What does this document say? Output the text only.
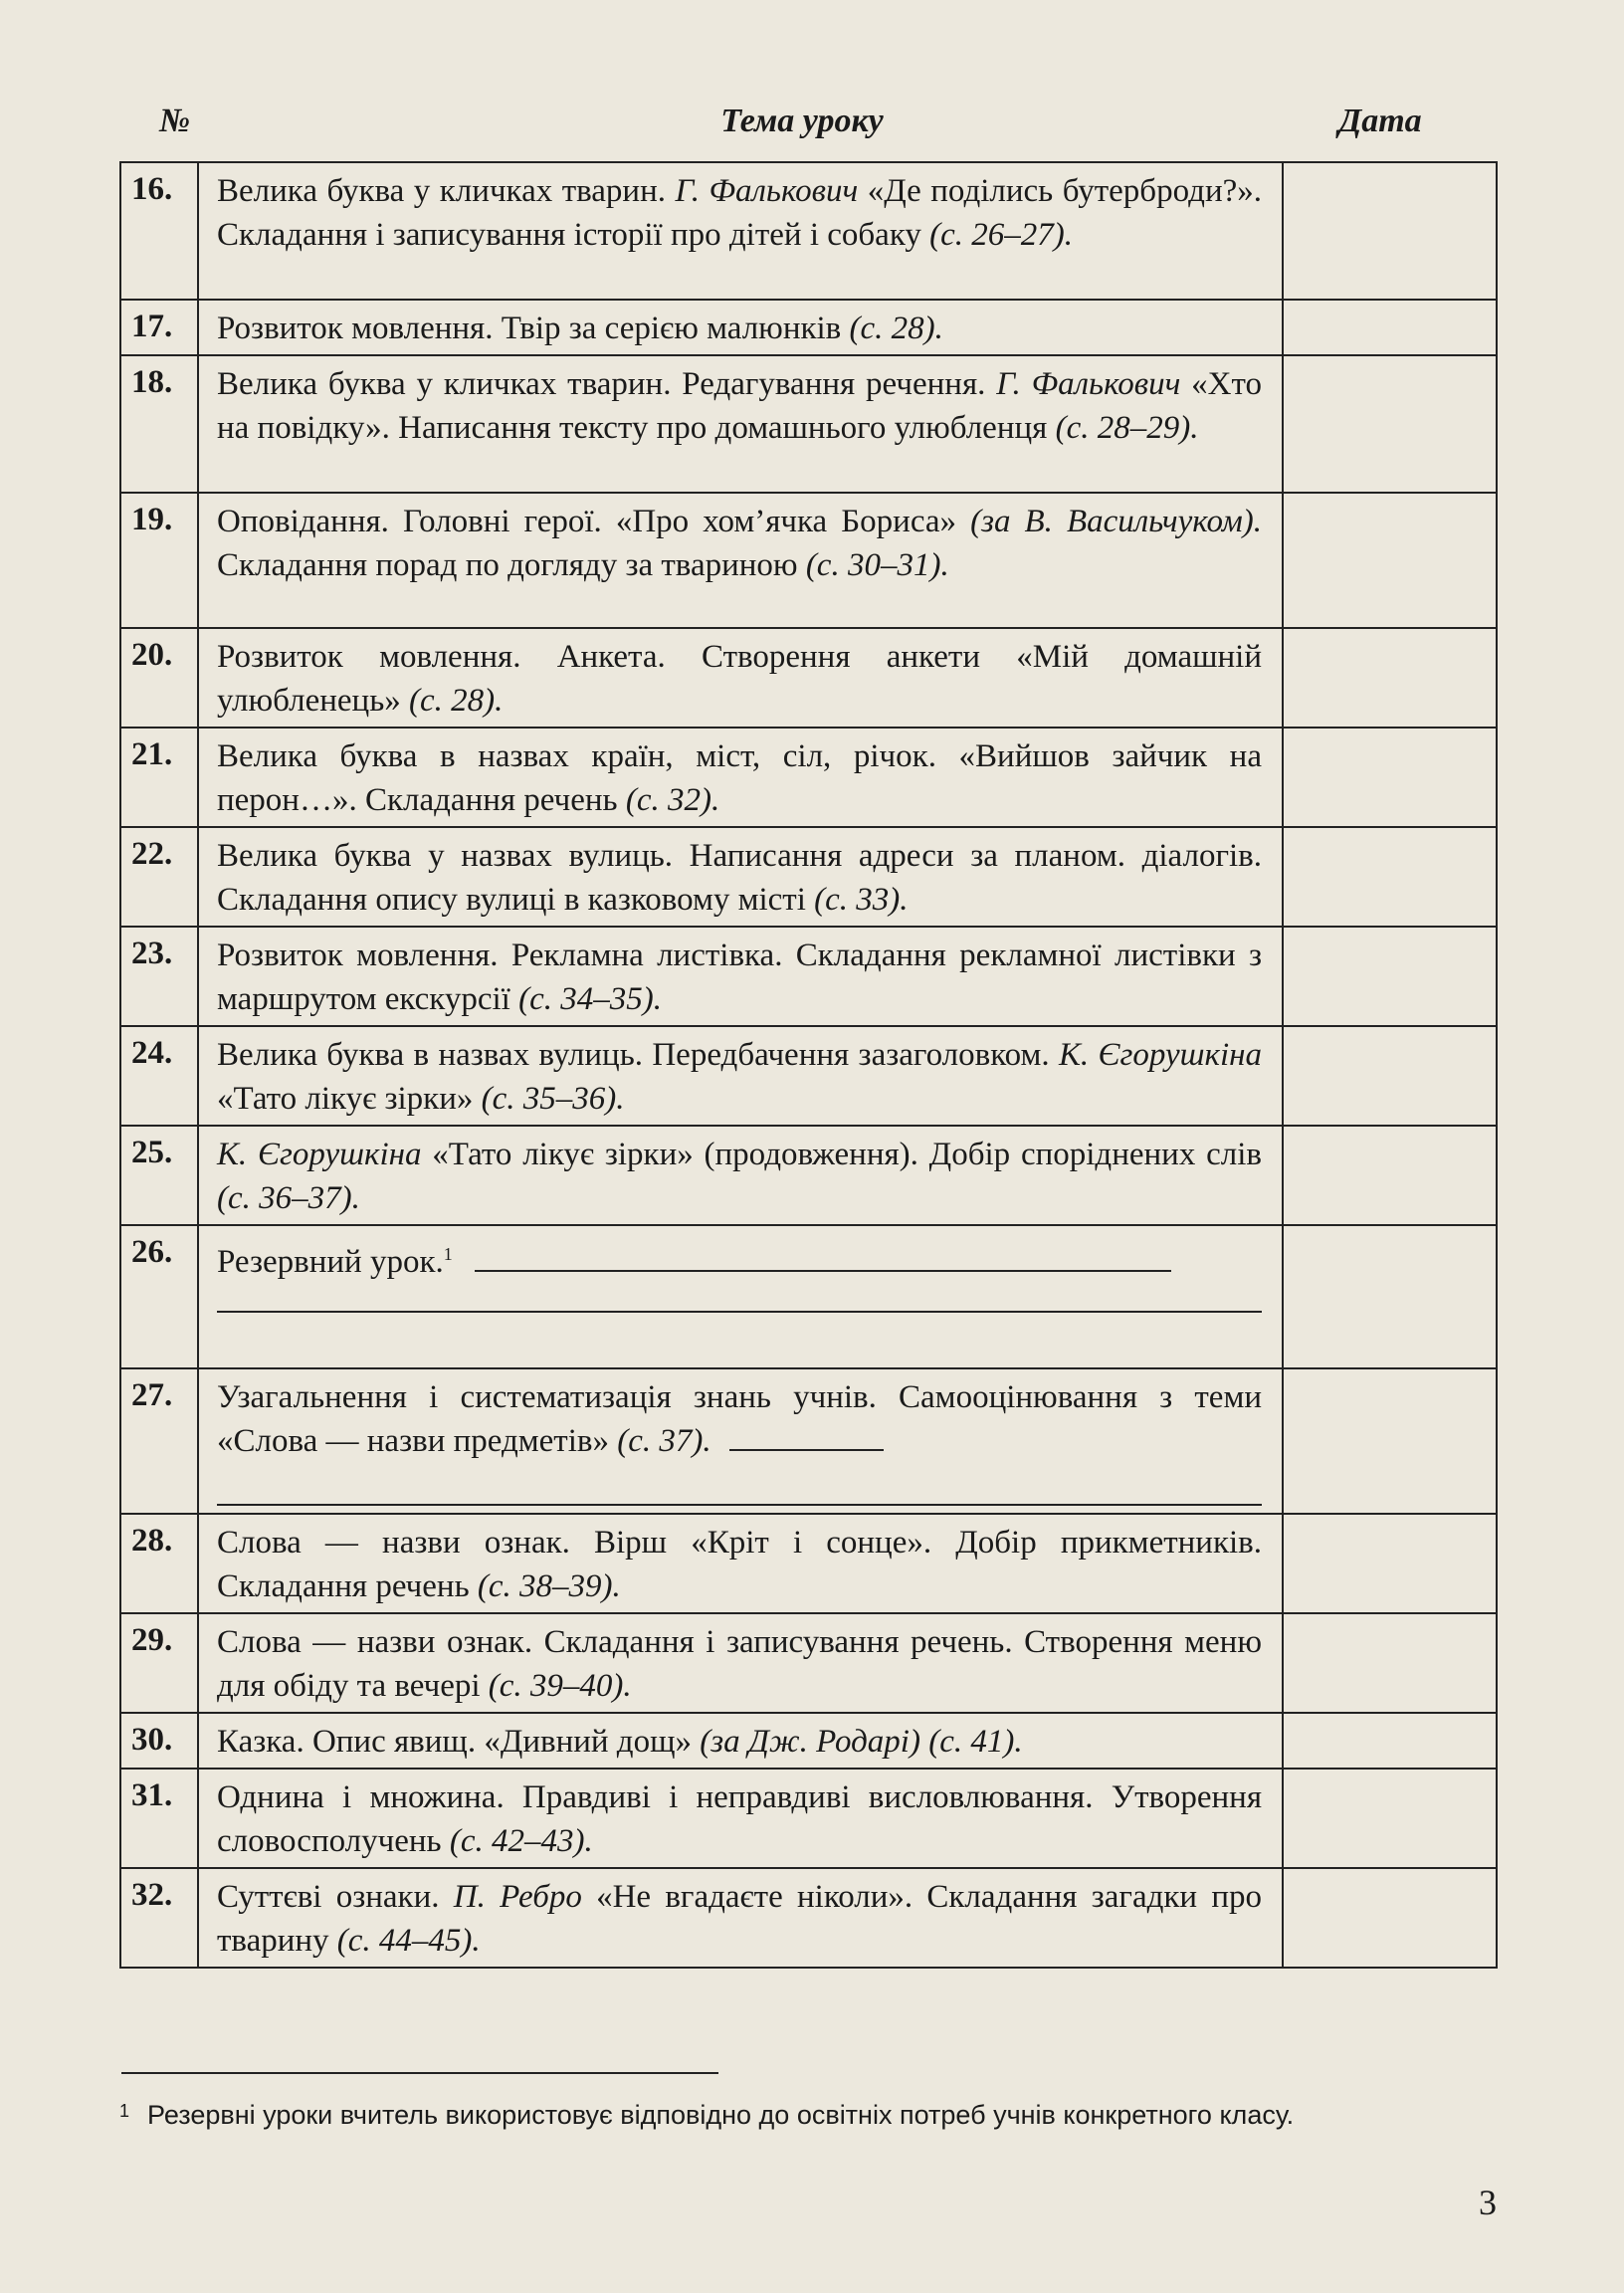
№	Тема уроку	Дата
16.	Велика буква у кличках тварин. Г. Фалькович «Де поділись бутерброди?». Складання і записування історії про дітей і собаку (с. 26–27).	
17.	Розвиток мовлення. Твір за серією малюнків (с. 28).	
18.	Велика буква у кличках тварин. Редагування речення. Г. Фалькович «Хто на повідку». Написання тексту про домашнього улюбленця (с. 28–29).	
19.	Оповідання. Головні герої. «Про хом’ячка Бориса» (за В. Васильчуком). Складання порад по догляду за твариною (с. 30–31).	
20.	Розвиток мовлення. Анкета. Створення анкети «Мій домашній улюбленець» (с. 28).	
21.	Велика буква в назвах країн, міст, сіл, річок. «Вийшов зайчик на перон…». Складання речень (с. 32).	
22.	Велика буква у назвах вулиць. Написання адреси за планом. діалогів. Складання опису вулиці в казковому місті (с. 33).	
23.	Розвиток мовлення. Рекламна листівка. Складання рекламної листівки з маршрутом екскурсії (с. 34–35).	
24.	Велика буква в назвах вулиць. Передбачення зазаголовком. К. Єгорушкіна «Тато лікує зірки» (с. 35–36).	
25.	К. Єгорушкіна «Тато лікує зірки» (продовження). Добір споріднених слів (с. 36–37).	
26.	Резервний урок.$^1$

27.	Узагальнення і систематизація знань учнів. Самооцінювання з теми «Слова — назви предметів» (с. 37).

28.	Слова — назви ознак. Вірш «Кріт і сонце». Добір прикметників. Складання речень (с. 38–39).	
29.	Слова — назви ознак. Складання і записування речень. Створення меню для обіду та вечері (с. 39–40).	
30.	Казка. Опис явищ. «Дивний дощ» (за Дж. Родарі) (с. 41).	
31.	Однина і множина. Правдиві і неправдиві висловлювання. Утворення словосполучень (с. 42–43).	
32.	Суттєві ознаки. П. Ребро «Не вгадаєте ніколи». Складання загадки про тварину (с. 44–45).	
$^1$ Резервні уроки вчитель використовує відповідно до освітніх потреб учнів конкретного класу.
3
